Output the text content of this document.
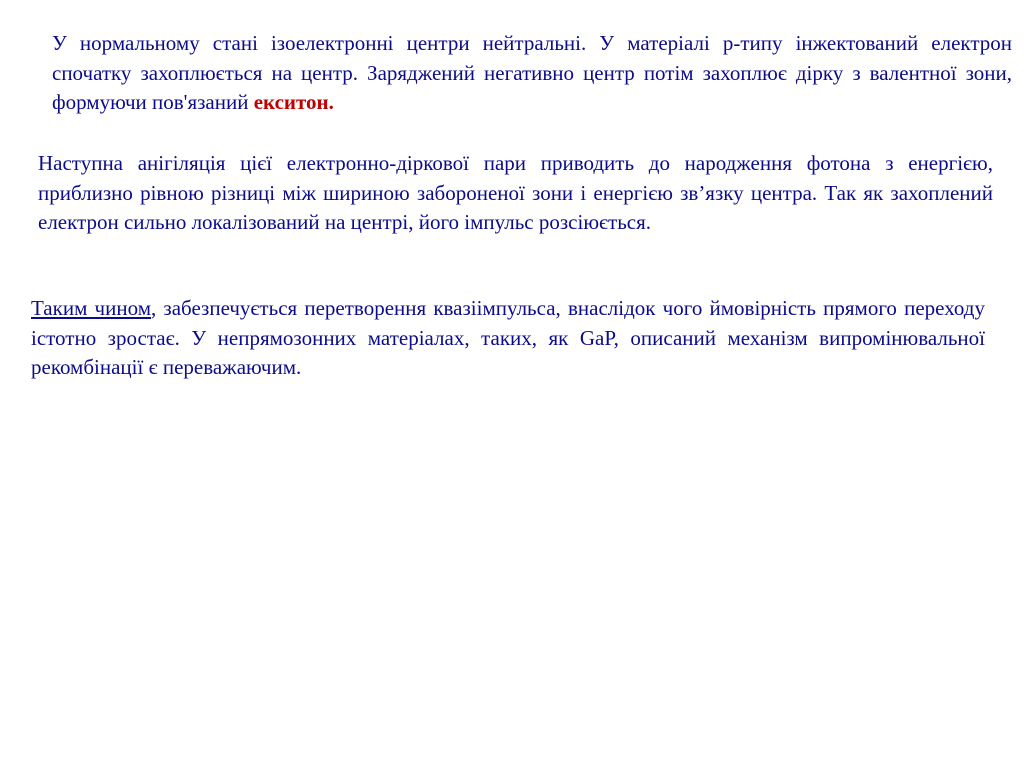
У нормальному стані ізоелектронні центри нейтральні. У матеріалі р-типу інжектований електрон спочатку захоплюється на центр. Заряджений негативно центр потім захоплює дірку з валентної зони, формуючи пов'язаний екситон.

Наступна анігіляція цієї електронно-діркової пари приводить до народження фотона з енергією, приблизно рівною різниці між шириною забороненої зони і енергією зв’язку центра. Так як захоплений електрон сильно локалізований на центрі, його імпульс розсіюється.

Таким чином, забезпечується перетворення квазіімпульса, внаслідок чого ймовірність прямого переходу істотно зростає. У непрямозонних матеріалах, таких, як GaP, описаний механізм випромінювальної рекомбінації є переважаючим.
